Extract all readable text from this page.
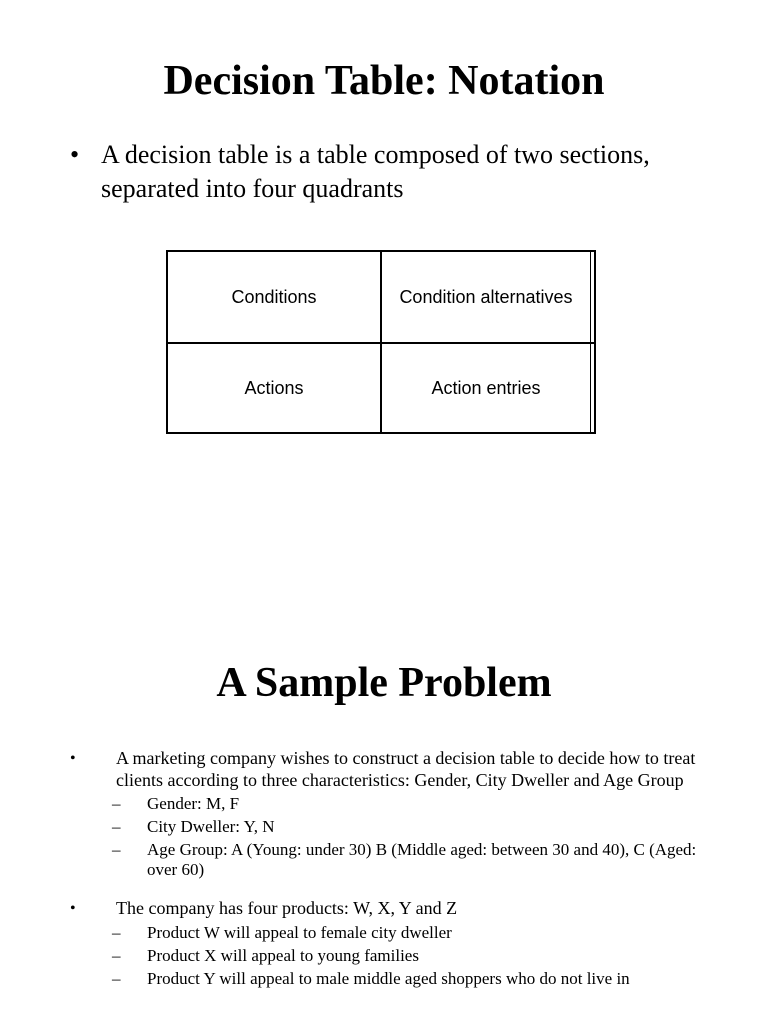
Decision Table: Notation
• A decision table is a table composed of two sections, separated into four quadrants
Conditions	Condition alternatives
Actions	Action entries
A Sample Problem
• A marketing company wishes to construct a decision table to decide how to treat clients according to three characteristics: Gender, City Dweller and Age Group
– Gender: M, F
– City Dweller: Y, N
– Age Group: A (Young: under 30) B (Middle aged: between 30 and 40), C (Aged: over 60)
• The company has four products: W, X, Y and Z
– Product W will appeal to female city dweller
– Product X will appeal to young families
– Product Y will appeal to male middle aged shoppers who do not live in
